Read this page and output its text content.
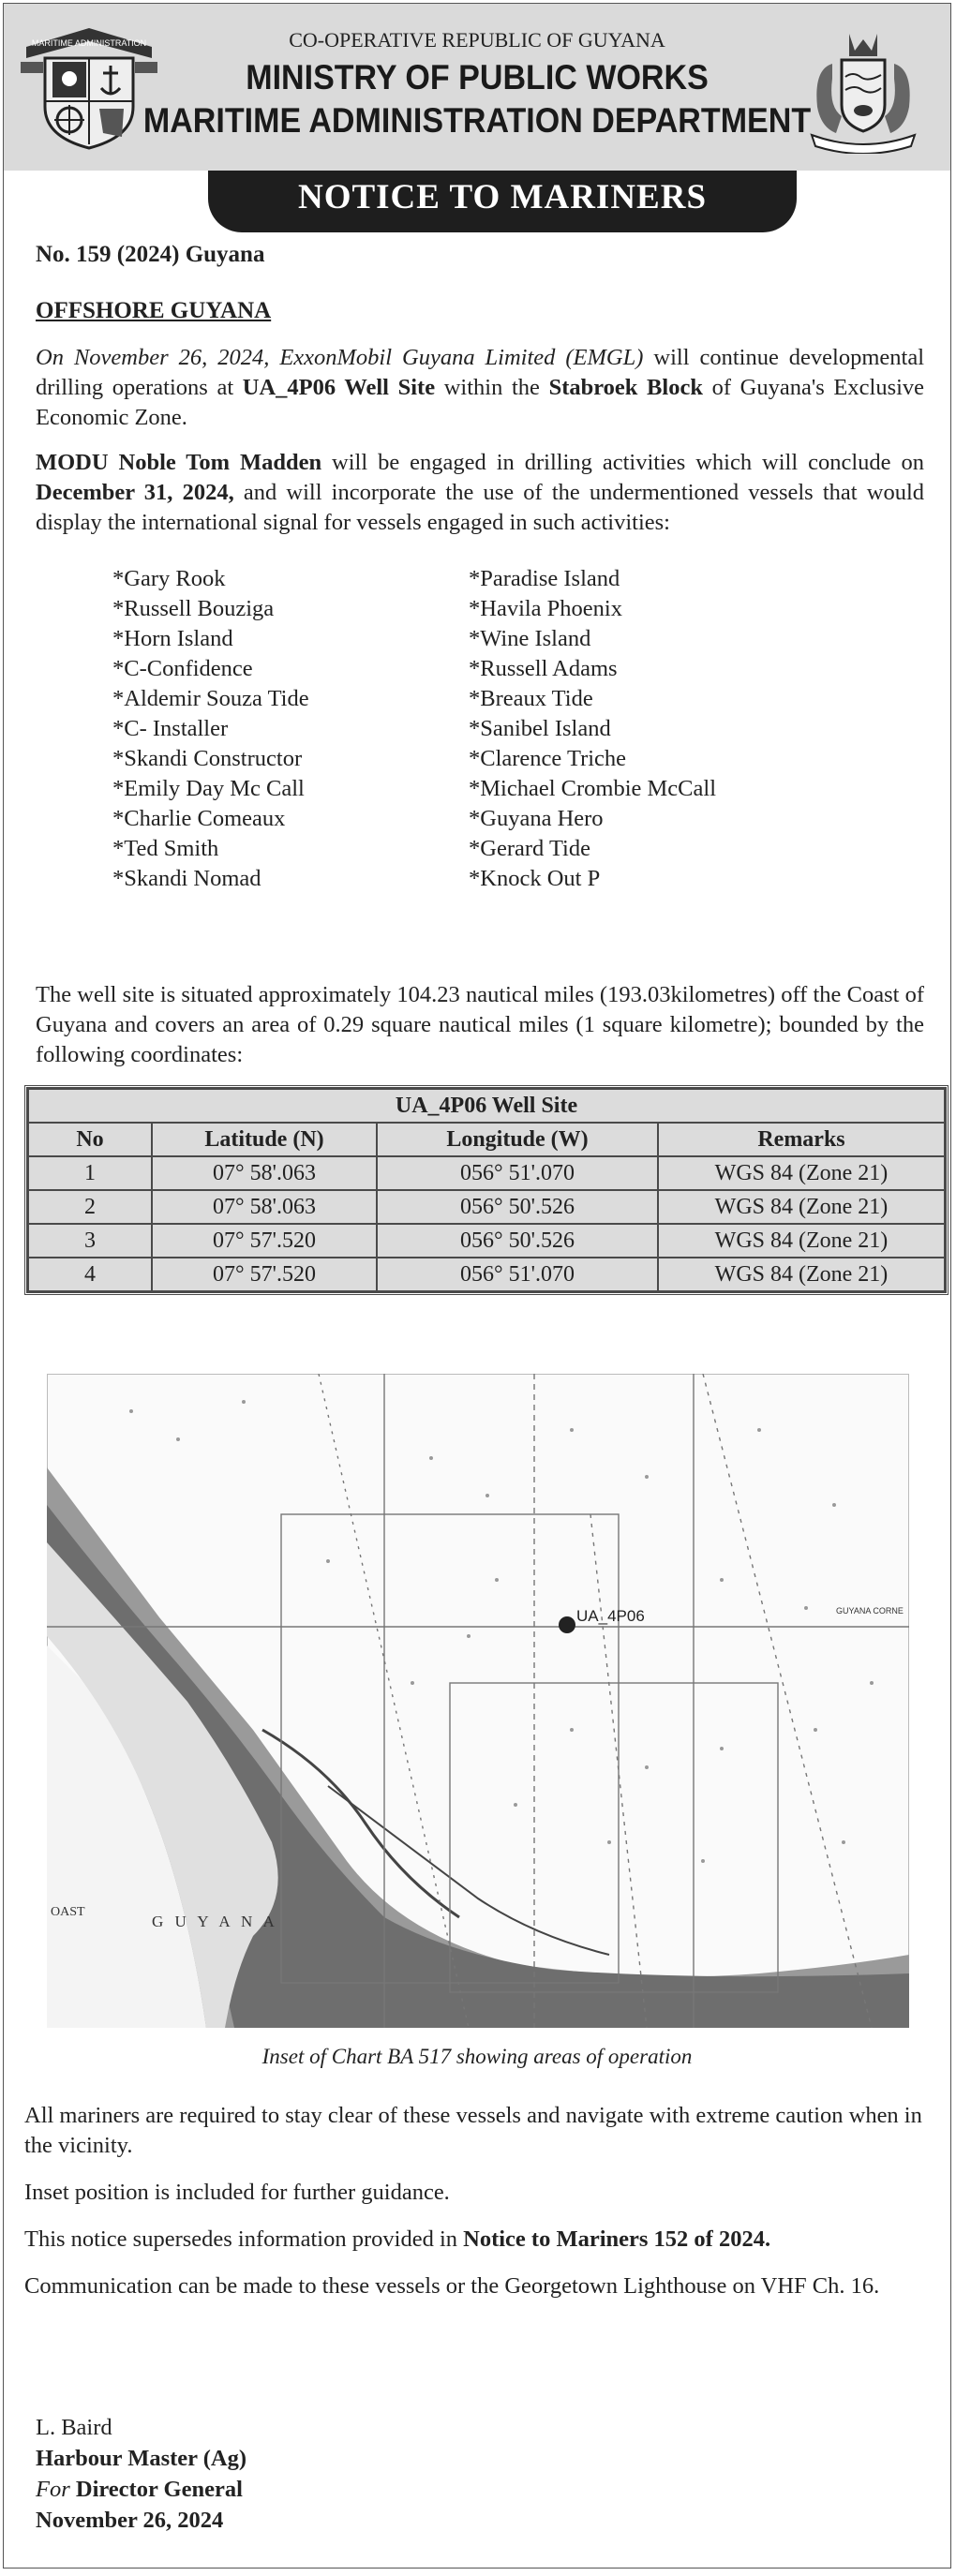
MARITIME ADMINISTRATION	CO-OPERATIVE REPUBLIC OF GUYANA
MINISTRY OF PUBLIC WORKS
MARITIME ADMINISTRATION DEPARTMENT
NOTICE TO MARINERS
No. 159 (2024) Guyana
OFFSHORE GUYANA

On November 26, 2024, ExxonMobil Guyana Limited (EMGL) will continue developmental drilling operations at UA_4P06 Well Site within the Stabroek Block of Guyana's Exclusive Economic Zone.

MODU Noble Tom Madden will be engaged in drilling activities which will conclude on December 31, 2024, and will incorporate the use of the undermentioned vessels that would display the international signal for vessels engaged in such activities:

* Gary Rook
* Russell Bouziga
* Horn Island
* C-Confidence
* Aldemir Souza Tide
* C- Installer
* Skandi Constructor
* Emily Day Mc Call
* Charlie Comeaux
* Ted Smith
* Skandi Nomad
* Paradise Island
* Havila Phoenix
* Wine Island
* Russell Adams
* Breaux Tide
* Sanibel Island
* Clarence Triche
* Michael Crombie McCall
* Guyana Hero
* Gerard Tide
* Knock Out P

The well site is situated approximately 104.23 nautical miles (193.03kilometres) off the Coast of Guyana and covers an area of 0.29 square nautical miles (1 square kilometre); bounded by the following coordinates:

UA_4P06 Well Site			
No	Latitude (N)	Longitude (W)	Remarks
1	07° 58'.063	056° 51'.070	WGS 84 (Zone 21)
2	07° 58'.063	056° 50'.526	WGS 84 (Zone 21)
3	07° 57'.520	056° 50'.526	WGS 84 (Zone 21)
4	07° 57'.520	056° 51'.070	WGS 84 (Zone 21)
UA_4P06
G U Y A N A
OAST
GUYANA CORNE
Inset of Chart BA 517 showing areas of operation

All mariners are required to stay clear of these vessels and navigate with extreme caution when in the vicinity.

Inset position is included for further guidance.

This notice supersedes information provided in Notice to Mariners 152 of 2024.

Communication can be made to these vessels or the Georgetown Lighthouse on VHF Ch. 16.

L. Baird
Harbour Master (Ag)
For Director General
November 26, 2024
